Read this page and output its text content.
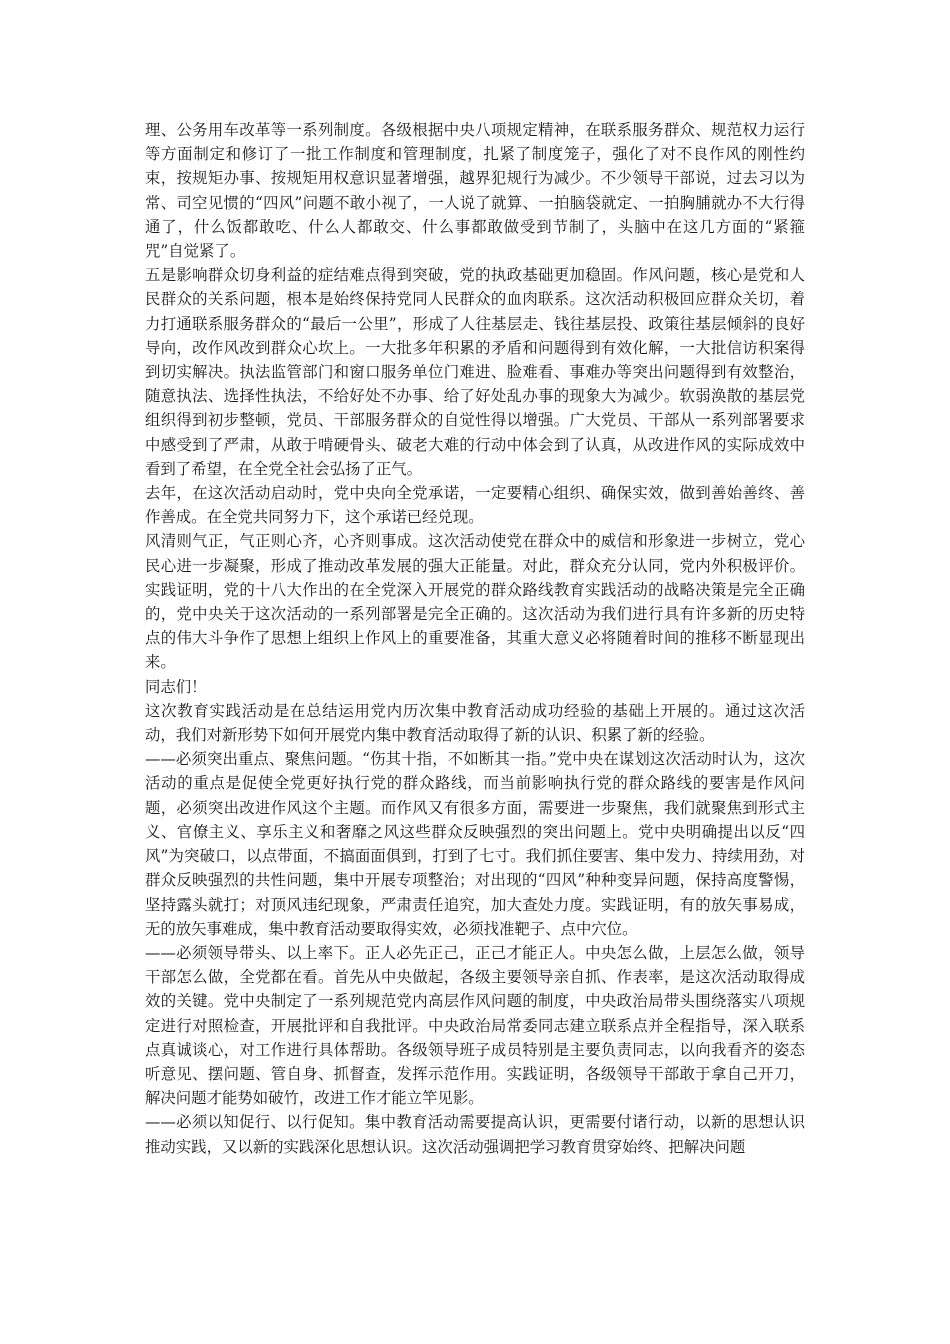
理、公务用车改革等一系列制度。各级根据中央八项规定精神，在联系服务群众、规范权力运行等方面制定和修订了一批工作制度和管理制度，扎紧了制度笼子，强化了对不良作风的刚性约束，按规矩办事、按规矩用权意识显著增强，越界犯规行为减少。不少领导干部说，过去习以为常、司空见惯的“四风”问题不敢小视了，一人说了就算、一拍脑袋就定、一拍胸脯就办不大行得通了，什么饭都敢吃、什么人都敢交、什么事都敢做受到节制了，头脑中在这几方面的“紧箍咒”自觉紧了。

五是影响群众切身利益的症结难点得到突破，党的执政基础更加稳固。作风问题，核心是党和人民群众的关系问题，根本是始终保持党同人民群众的血肉联系。这次活动积极回应群众关切，着力打通联系服务群众的“最后一公里”，形成了人往基层走、钱往基层投、政策往基层倾斜的良好导向，改作风改到群众心坎上。一大批多年积累的矛盾和问题得到有效化解，一大批信访积案得到切实解决。执法监管部门和窗口服务单位门难进、脸难看、事难办等突出问题得到有效整治，随意执法、选择性执法，不给好处不办事、给了好处乱办事的现象大为减少。软弱涣散的基层党组织得到初步整顿，党员、干部服务群众的自觉性得以增强。广大党员、干部从一系列部署要求中感受到了严肃，从敢于啃硬骨头、破老大难的行动中体会到了认真，从改进作风的实际成效中看到了希望，在全党全社会弘扬了正气。

去年，在这次活动启动时，党中央向全党承诺，一定要精心组织、确保实效，做到善始善终、善作善成。在全党共同努力下，这个承诺已经兑现。

风清则气正，气正则心齐，心齐则事成。这次活动使党在群众中的威信和形象进一步树立，党心民心进一步凝聚，形成了推动改革发展的强大正能量。对此，群众充分认同，党内外积极评价。实践证明，党的十八大作出的在全党深入开展党的群众路线教育实践活动的战略决策是完全正确的，党中央关于这次活动的一系列部署是完全正确的。这次活动为我们进行具有许多新的历史特点的伟大斗争作了思想上组织上作风上的重要准备，其重大意义必将随着时间的推移不断显现出来。

同志们！

这次教育实践活动是在总结运用党内历次集中教育活动成功经验的基础上开展的。通过这次活动，我们对新形势下如何开展党内集中教育活动取得了新的认识、积累了新的经验。

——必须突出重点、聚焦问题。“伤其十指，不如断其一指。”党中央在谋划这次活动时认为，这次活动的重点是促使全党更好执行党的群众路线，而当前影响执行党的群众路线的要害是作风问题，必须突出改进作风这个主题。而作风又有很多方面，需要进一步聚焦，我们就聚焦到形式主义、官僚主义、享乐主义和奢靡之风这些群众反映强烈的突出问题上。党中央明确提出以反“四风”为突破口，以点带面，不搞面面俱到，打到了七寸。我们抓住要害、集中发力、持续用劲，对群众反映强烈的共性问题，集中开展专项整治；对出现的“四风”种种变异问题，保持高度警惕，坚持露头就打；对顶风违纪现象，严肃责任追究，加大查处力度。实践证明，有的放矢事易成，无的放矢事难成，集中教育活动要取得实效，必须找准靶子、点中穴位。

——必须领导带头、以上率下。正人必先正己，正己才能正人。中央怎么做，上层怎么做，领导干部怎么做，全党都在看。首先从中央做起，各级主要领导亲自抓、作表率，是这次活动取得成效的关键。党中央制定了一系列规范党内高层作风问题的制度，中央政治局带头围绕落实八项规定进行对照检查，开展批评和自我批评。中央政治局常委同志建立联系点并全程指导，深入联系点真诚谈心，对工作进行具体帮助。各级领导班子成员特别是主要负责同志，以向我看齐的姿态听意见、摆问题、管自身、抓督查，发挥示范作用。实践证明，各级领导干部敢于拿自己开刀，解决问题才能势如破竹，改进工作才能立竿见影。

——必须以知促行、以行促知。集中教育活动需要提高认识，更需要付诸行动，以新的思想认识推动实践，又以新的实践深化思想认识。这次活动强调把学习教育贯穿始终、把解决问题
